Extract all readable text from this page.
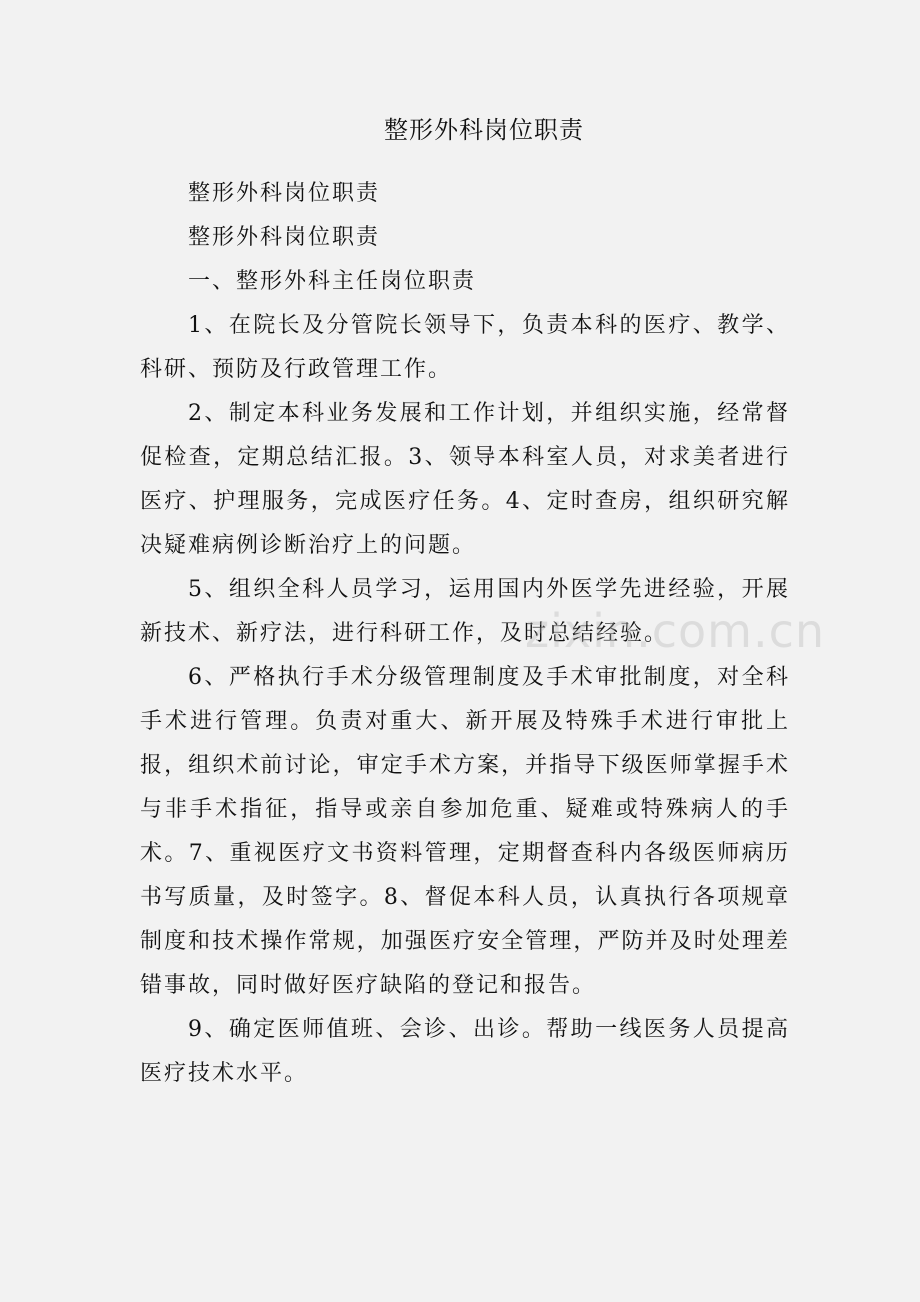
整形外科岗位职责

整形外科岗位职责

整形外科岗位职责

一、整形外科主任岗位职责

1、在院长及分管院长领导下，负责本科的医疗、教学、科研、预防及行政管理工作。

2、制定本科业务发展和工作计划，并组织实施，经常督促检查，定期总结汇报。3、领导本科室人员，对求美者进行医疗、护理服务，完成医疗任务。4、定时查房，组织研究解决疑难病例诊断治疗上的问题。

5、组织全科人员学习，运用国内外医学先进经验，开展新技术、新疗法，进行科研工作，及时总结经验。

6、严格执行手术分级管理制度及手术审批制度，对全科手术进行管理。负责对重大、新开展及特殊手术进行审批上报，组织术前讨论，审定手术方案，并指导下级医师掌握手术与非手术指征，指导或亲自参加危重、疑难或特殊病人的手术。7、重视医疗文书资料管理，定期督查科内各级医师病历书写质量，及时签字。8、督促本科人员，认真执行各项规章制度和技术操作常规，加强医疗安全管理，严防并及时处理差错事故，同时做好医疗缺陷的登记和报告。

9、确定医师值班、会诊、出诊。帮助一线医务人员提高医疗技术水平。

zixin.com.cn
